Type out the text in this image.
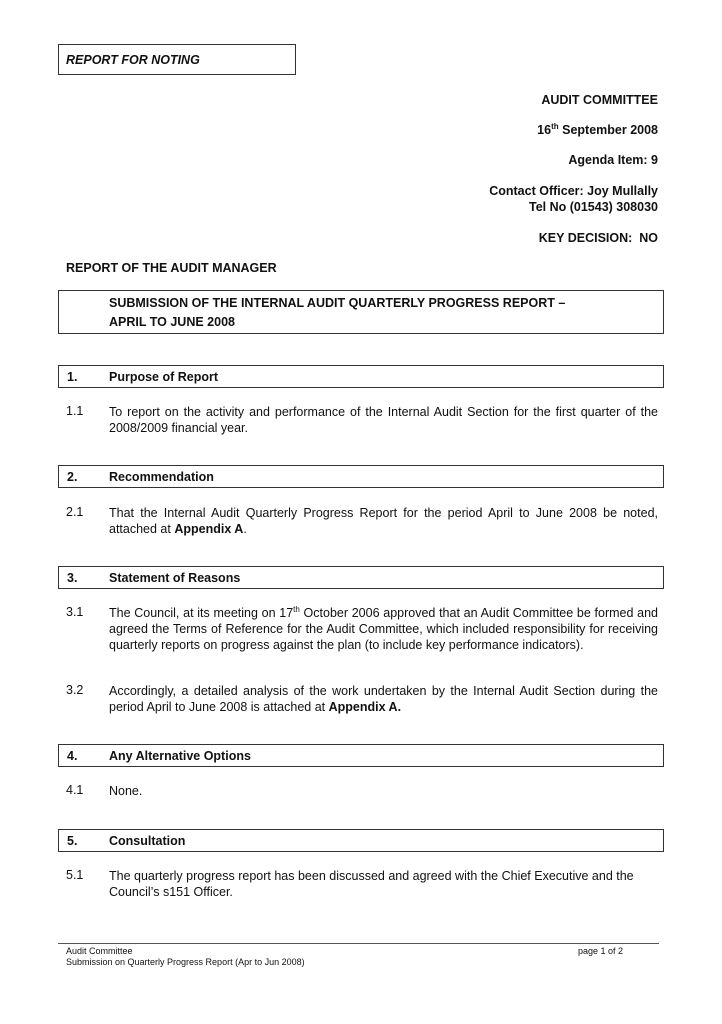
REPORT FOR NOTING
AUDIT COMMITTEE
16th September 2008
Agenda Item: 9
Contact Officer: Joy Mullally
Tel No (01543) 308030
KEY DECISION:  NO
REPORT OF THE AUDIT MANAGER
SUBMISSION OF THE INTERNAL AUDIT QUARTERLY PROGRESS REPORT –
APRIL TO JUNE 2008
1.	Purpose of Report
1.1 To report on the activity and performance of the Internal Audit Section for the first quarter of the 2008/2009 financial year.
2.	Recommendation
2.1 That the Internal Audit Quarterly Progress Report for the period April to June 2008 be noted, attached at Appendix A.
3.	Statement of Reasons
3.1 The Council, at its meeting on 17th October 2006 approved that an Audit Committee be formed and agreed the Terms of Reference for the Audit Committee, which included responsibility for receiving quarterly reports on progress against the plan (to include key performance indicators).
3.2 Accordingly, a detailed analysis of the work undertaken by the Internal Audit Section during the period April to June 2008 is attached at Appendix A.
4.	Any Alternative Options
4.1 None.
5.	Consultation
5.1 The quarterly progress report has been discussed and agreed with the Chief Executive and the Council’s s151 Officer.
Audit Committee
Submission on Quarterly Progress Report (Apr to Jun 2008)
page 1 of 2
